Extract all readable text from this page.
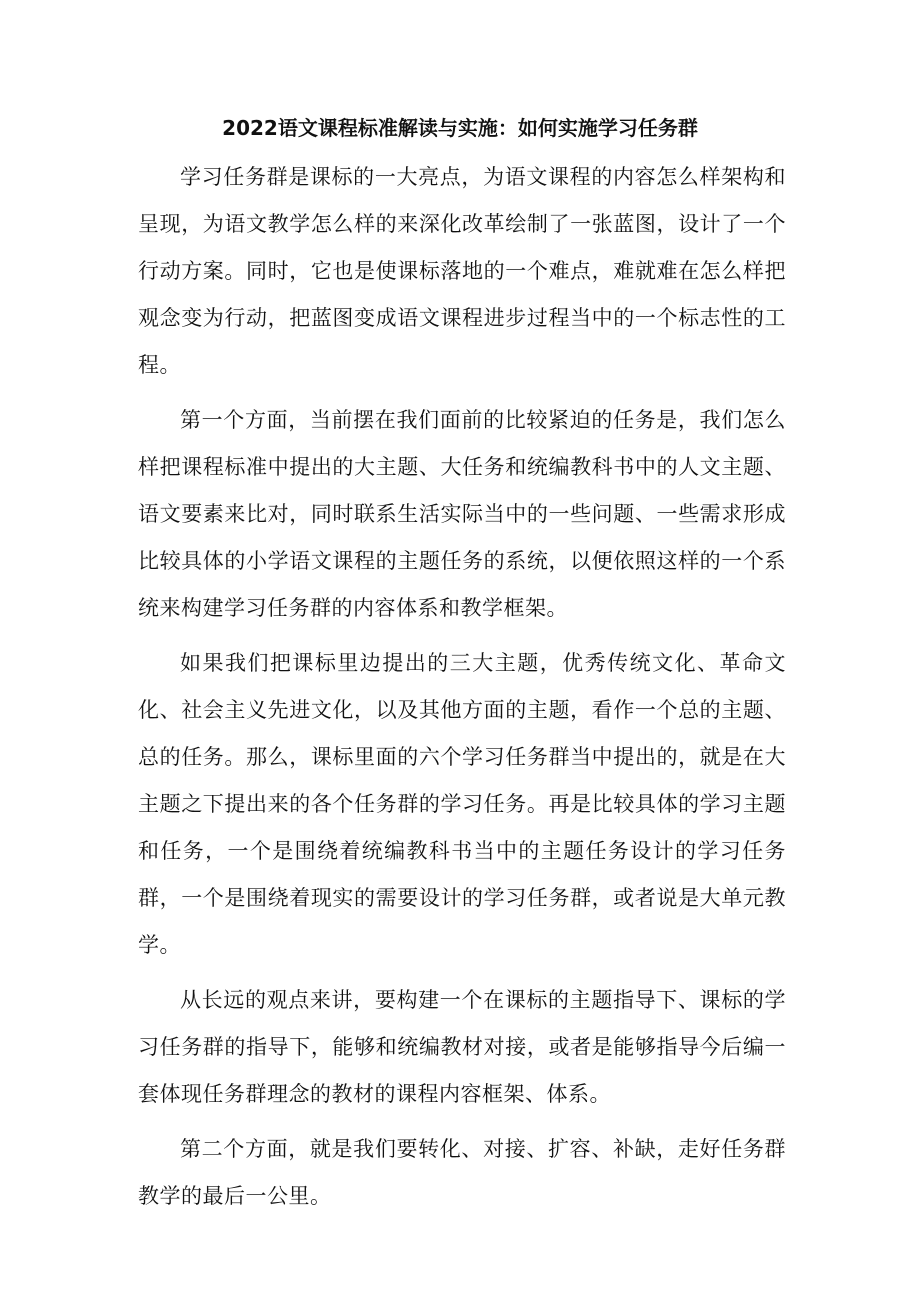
2022语文课程标准解读与实施：如何实施学习任务群

学习任务群是课标的一大亮点，为语文课程的内容怎么样架构和呈现，为语文教学怎么样的来深化改革绘制了一张蓝图，设计了一个行动方案。同时，它也是使课标落地的一个难点，难就难在怎么样把观念变为行动，把蓝图变成语文课程进步过程当中的一个标志性的工程。

第一个方面，当前摆在我们面前的比较紧迫的任务是，我们怎么样把课程标准中提出的大主题、大任务和统编教科书中的人文主题、语文要素来比对，同时联系生活实际当中的一些问题、一些需求形成比较具体的小学语文课程的主题任务的系统，以便依照这样的一个系统来构建学习任务群的内容体系和教学框架。

如果我们把课标里边提出的三大主题，优秀传统文化、革命文化、社会主义先进文化，以及其他方面的主题，看作一个总的主题、总的任务。那么，课标里面的六个学习任务群当中提出的，就是在大主题之下提出来的各个任务群的学习任务。再是比较具体的学习主题和任务，一个是围绕着统编教科书当中的主题任务设计的学习任务群，一个是围绕着现实的需要设计的学习任务群，或者说是大单元教学。

从长远的观点来讲，要构建一个在课标的主题指导下、课标的学习任务群的指导下，能够和统编教材对接，或者是能够指导今后编一套体现任务群理念的教材的课程内容框架、体系。

第二个方面，就是我们要转化、对接、扩容、补缺，走好任务群教学的最后一公里。
